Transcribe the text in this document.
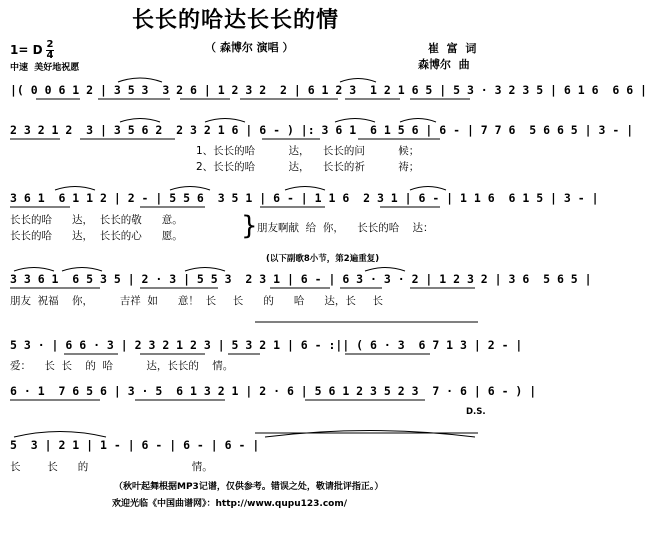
长长的哈达长长的情
（ 森博尔 演唱 ）	崔  富  词
森博尔  曲
1= D 2
4
中速  美好地祝愿
|( 0 0 6 1 2 | 3 5 3  3 2 6 | 1 2 3 2  2 | 6 1 2 3  1 2 1 6 5 | 5 3 · 3 2 3 5 | 6 1 6  6 6 |
2 3 2 1 2  3 | 3 5 6 2  2 3 2 1 6 | 6 - ) |: 3 6 1  6 1 5 6 | 6 - | 7 7 6  5 6 6 5 | 3 - |
1、长长的哈          达，    长长的问          候；
2、长长的哈          达，    长长的祈          祷；
3 6 1  6 1 1 2 | 2 - | 5 5 6  3 5 1 | 6 - | 1 1 6  2 3 1 | 6 - | 1 1 6  6 1 5 | 3 - |
长长的哈      达，  长长的敬      意。
长长的哈      达，  长长的心      愿。
朋友啊献  给  你，    长长的哈    达：
}
(以下副歌8小节，第2遍重复)
3 3 6 1  6 5 3 5 | 2 · 3 | 5 5 3  2 3 1 | 6 - | 6 3 · 3 · 2 | 1 2 3 2 | 3 6  5 6 5 |
朋友  祝福    你，        吉祥  如      意！  长     长      的      哈      达，长     长
5 3 · | 6 6 · 3 | 2 3 2 1 2 3 | 5 3 2 1 | 6 - :|| ( 6 · 3  6 7 1 3 | 2 - |
爱：    长  长    的  哈          达，长长的    情。
6 · 1  7 6 5 6 | 3 · 5  6 1 3 2 1 | 2 · 6 | 5 6 1 2 3 5 2 3  7 · 6 | 6 - ) |
D.S.
5  3 | 2 1 | 1 - | 6 - | 6 - | 6 - |
长        长      的                               情。
（秋叶起舞根据MP3记谱，仅供参考。错误之处，敬请批评指正。）
欢迎光临《中国曲谱网》：http://www.qupu123.com/
